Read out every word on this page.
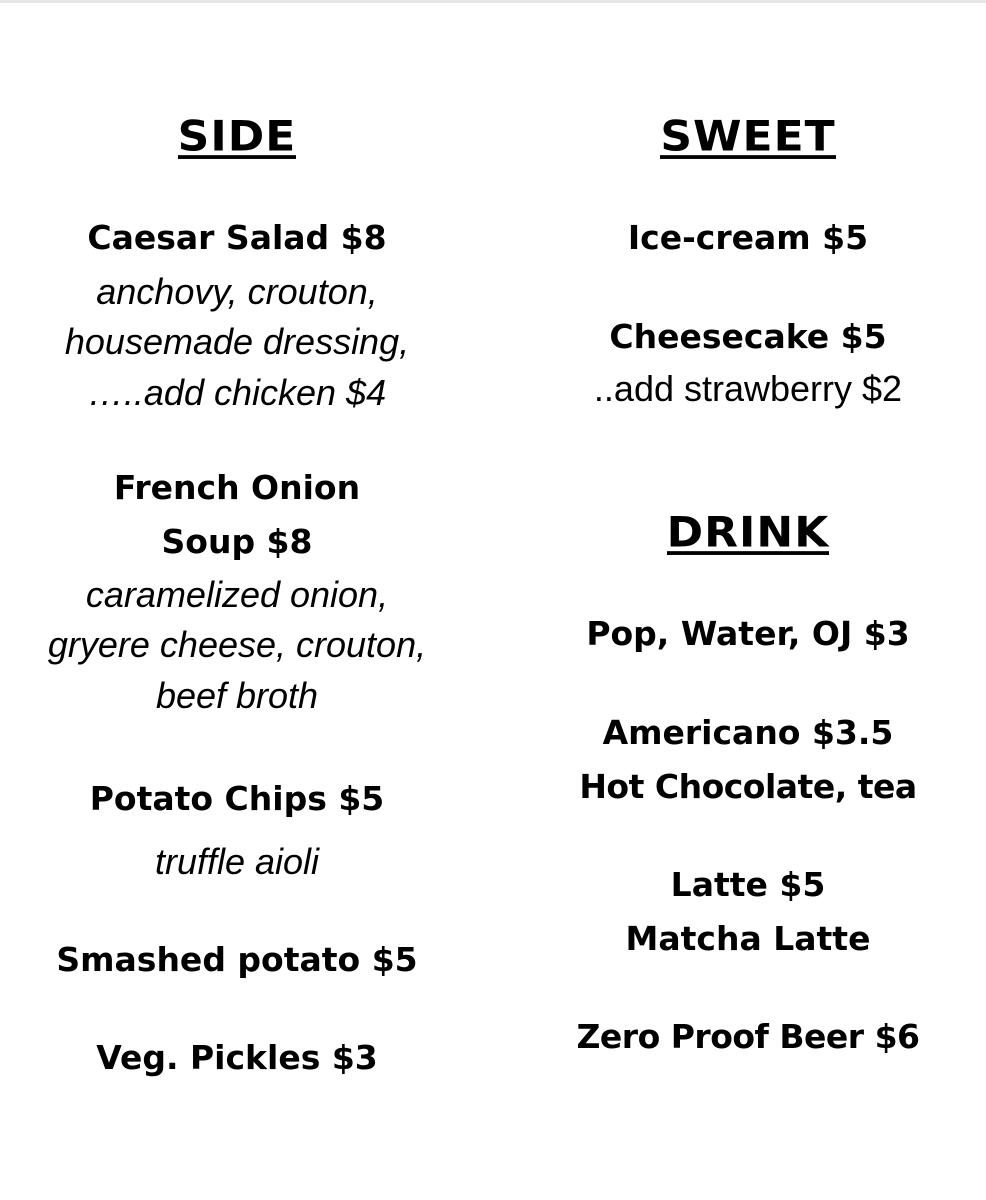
SIDE
Caesar Salad $8
anchovy, crouton,
housemade dressing,
…..add chicken $4
French Onion
Soup $8
caramelized onion,
gryere cheese, crouton,
beef broth
Potato Chips $5
truffle aioli
Smashed potato $5
Veg. Pickles $3
SWEET
Ice-cream $5
Cheesecake $5
..add strawberry $2
DRINK
Pop, Water, OJ $3
Americano $3.5
Hot Chocolate, tea
Latte $5
Matcha Latte
Zero Proof Beer $6
